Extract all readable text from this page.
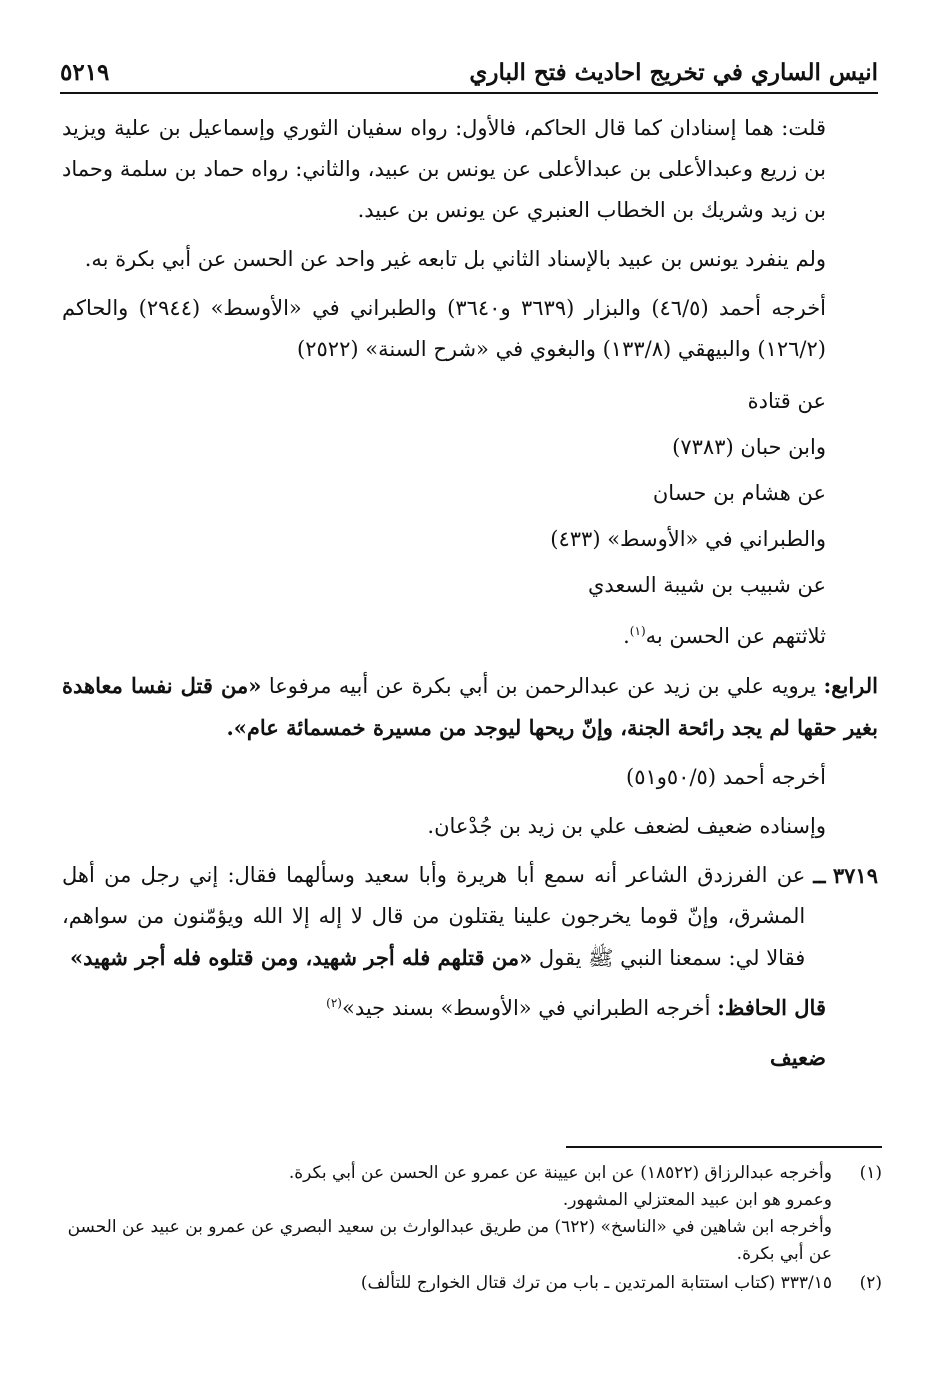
انيس الساري في تخريج احاديث فتح الباري
٥٢١٩

قلت: هما إسنادان كما قال الحاكم، فالأول: رواه سفيان الثوري وإسماعيل بن علية ويزيد بن زريع وعبدالأعلى بن عبدالأعلى عن يونس بن عبيد، والثاني: رواه حماد بن سلمة وحماد بن زيد وشريك بن الخطاب العنبري عن يونس بن عبيد.

ولم ينفرد يونس بن عبيد بالإسناد الثاني بل تابعه غير واحد عن الحسن عن أبي بكرة به.

أخرجه أحمد (٤٦/٥) والبزار (٣٦٣٩ و٣٦٤٠) والطبراني في «الأوسط» (٢٩٤٤) والحاكم (١٢٦/٢) والبيهقي (١٣٣/٨) والبغوي في «شرح السنة» (٢٥٢٢)

عن قتادة
وابن حبان (٧٣٨٣)
عن هشام بن حسان
والطبراني في «الأوسط» (٤٣٣)
عن شبيب بن شيبة السعدي
ثلاثتهم عن الحسن به$^{(١)}$.

الرابع: يرويه علي بن زيد عن عبدالرحمن بن أبي بكرة عن أبيه مرفوعا «من قتل نفسا معاهدة بغير حقها لم يجد رائحة الجنة، وإنّ ريحها ليوجد من مسيرة خمسمائة عام».

أخرجه أحمد (٥٠/٥و٥١)

وإسناده ضعيف لضعف علي بن زيد بن جُدْعان.

٣٧١٩ ــ
عن الفرزدق الشاعر أنه سمع أبا هريرة وأبا سعيد وسألهما فقال: إني رجل من أهل المشرق، وإنّ قوما يخرجون علينا يقتلون من قال لا إله إلا الله ويؤمّنون من سواهم، فقالا لي: سمعنا النبي ﷺ يقول «من قتلهم فله أجر شهيد، ومن قتلوه فله أجر شهيد»

قال الحافظ: أخرجه الطبراني في «الأوسط» بسند جيد»$^{(٢)}$

ضعيف
(١)
وأخرجه عبدالرزاق (١٨٥٢٢) عن ابن عيينة عن عمرو عن الحسن عن أبي بكرة.
وعمرو هو ابن عبيد المعتزلي المشهور.
وأخرجه ابن شاهين في «الناسخ» (٦٢٢) من طريق عبدالوارث بن سعيد البصري عن عمرو بن عبيد عن الحسن عن أبي بكرة.
(٢)
٣٣٣/١٥ (كتاب استتابة المرتدين ـ باب من ترك قتال الخوارج للتألف)
